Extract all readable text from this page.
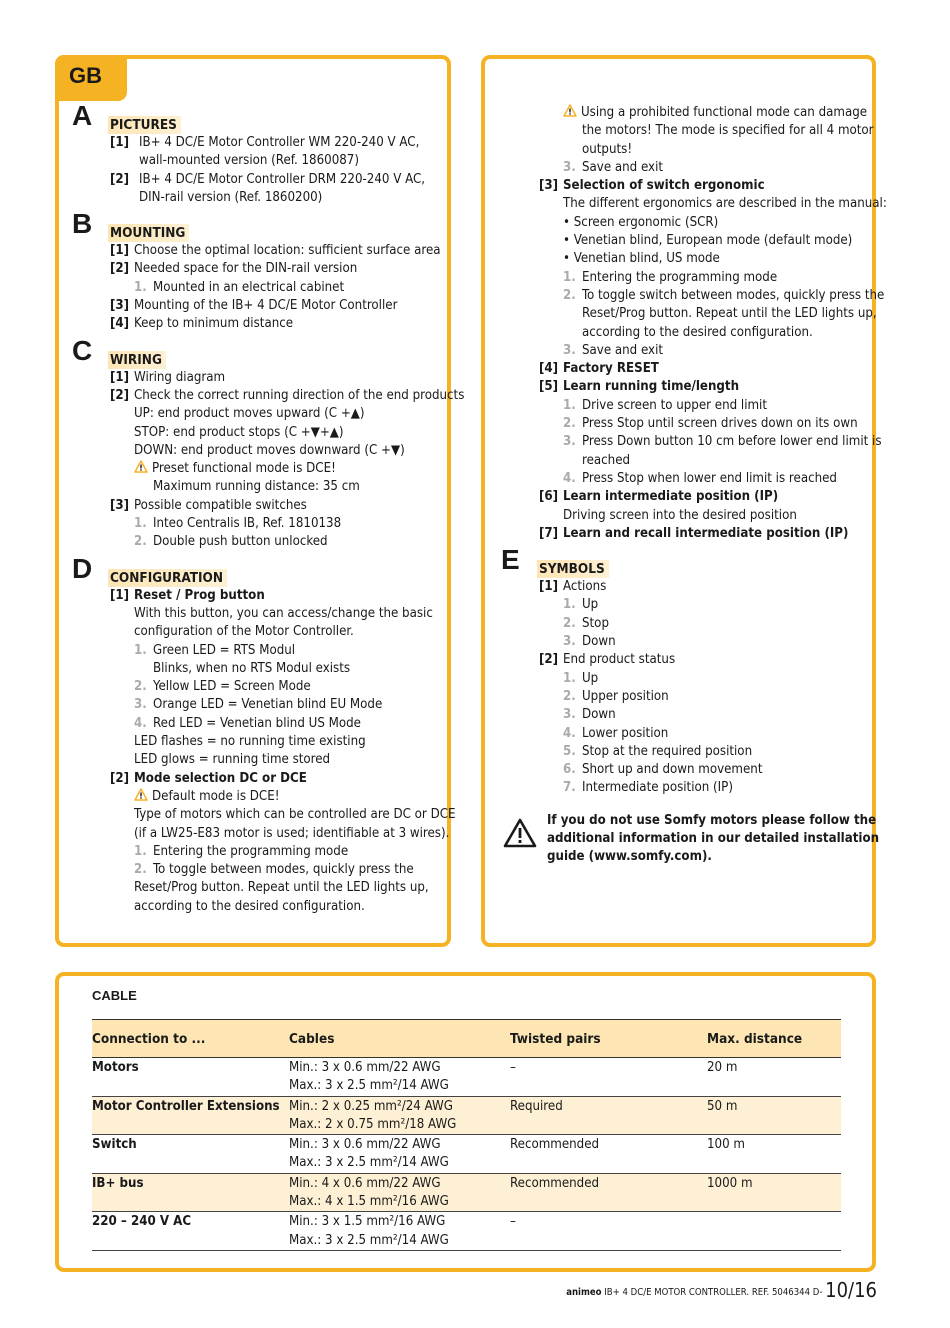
GB
A PICTURES
[1] IB+ 4 DC/E Motor Controller WM 220-240 V AC,
wall-mounted version (Ref. 1860087)
[2] IB+ 4 DC/E Motor Controller DRM 220-240 V AC,
DIN-rail version (Ref. 1860200)
B MOUNTING
[1] Choose the optimal location: sufficient surface area
[2] Needed space for the DIN-rail version
1. Mounted in an electrical cabinet
[3] Mounting of the IB+ 4 DC/E Motor Controller
[4] Keep to minimum distance
C WIRING
[1] Wiring diagram
[2] Check the correct running direction of the end products
UP: end product moves upward (C +▲)
STOP: end product stops (C +▼+▲)
DOWN: end product moves downward (C +▼)
Preset functional mode is DCE!
Maximum running distance: 35 cm
[3] Possible compatible switches
1. Inteo Centralis IB, Ref. 1810138
2. Double push button unlocked
D CONFIGURATION
[1] Reset / Prog button
With this button, you can access/change the basic
configuration of the Motor Controller.
1. Green LED = RTS Modul
Blinks, when no RTS Modul exists
2. Yellow LED = Screen Mode
3. Orange LED = Venetian blind EU Mode
4. Red LED = Venetian blind US Mode
LED flashes = no running time existing
LED glows = running time stored
[2] Mode selection DC or DCE
Default mode is DCE!
Type of motors which can be controlled are DC or DCE
(if a LW25-E83 motor is used; identifiable at 3 wires).
1. Entering the programming mode
2. To toggle between modes, quickly press the
Reset/Prog button. Repeat until the LED lights up,
according to the desired configuration.
Using a prohibited functional mode can damage
the motors! The mode is specified for all 4 motor
outputs!
3. Save and exit
[3] Selection of switch ergonomic
The different ergonomics are described in the manual:
• Screen ergonomic (SCR)
• Venetian blind, European mode (default mode)
• Venetian blind, US mode
1. Entering the programming mode
2. To toggle switch between modes, quickly press the
Reset/Prog button. Repeat until the LED lights up,
according to the desired configuration.
3. Save and exit
[4] Factory RESET
[5] Learn running time/length
1. Drive screen to upper end limit
2. Press Stop until screen drives down on its own
3. Press Down button 10 cm before lower end limit is
reached
4. Press Stop when lower end limit is reached
[6] Learn intermediate position (IP)
Driving screen into the desired position
[7] Learn and recall intermediate position (IP)
E SYMBOLS
[1] Actions
1. Up
2. Stop
3. Down
[2] End product status
1. Up
2. Upper position
3. Down
4. Lower position
5. Stop at the required position
6. Short up and down movement
7. Intermediate position (IP)
If you do not use Somfy motors please follow the
additional information in our detailed installation
guide (www.somfy.com).
CABLE
Connection to ...	Cables	Twisted pairs	Max. distance
Motors	Min.: 3 x 0.6 mm/22 AWG
Max.: 3 x 2.5 mm²/14 AWG	–	20 m
Motor Controller Extensions	Min.: 2 x 0.25 mm²/24 AWG
Max.: 2 x 0.75 mm²/18 AWG	Required	50 m
Switch	Min.: 3 x 0.6 mm/22 AWG
Max.: 3 x 2.5 mm²/14 AWG	Recommended	100 m
IB+ bus	Min.: 4 x 0.6 mm/22 AWG
Max.: 4 x 1.5 mm²/16 AWG	Recommended	1000 m
220 – 240 V AC	Min.: 3 x 1.5 mm²/16 AWG
Max.: 3 x 2.5 mm²/14 AWG	–	
animeo IB+ 4 DC/E MOTOR CONTROLLER. REF. 5046344 D- 10/16
